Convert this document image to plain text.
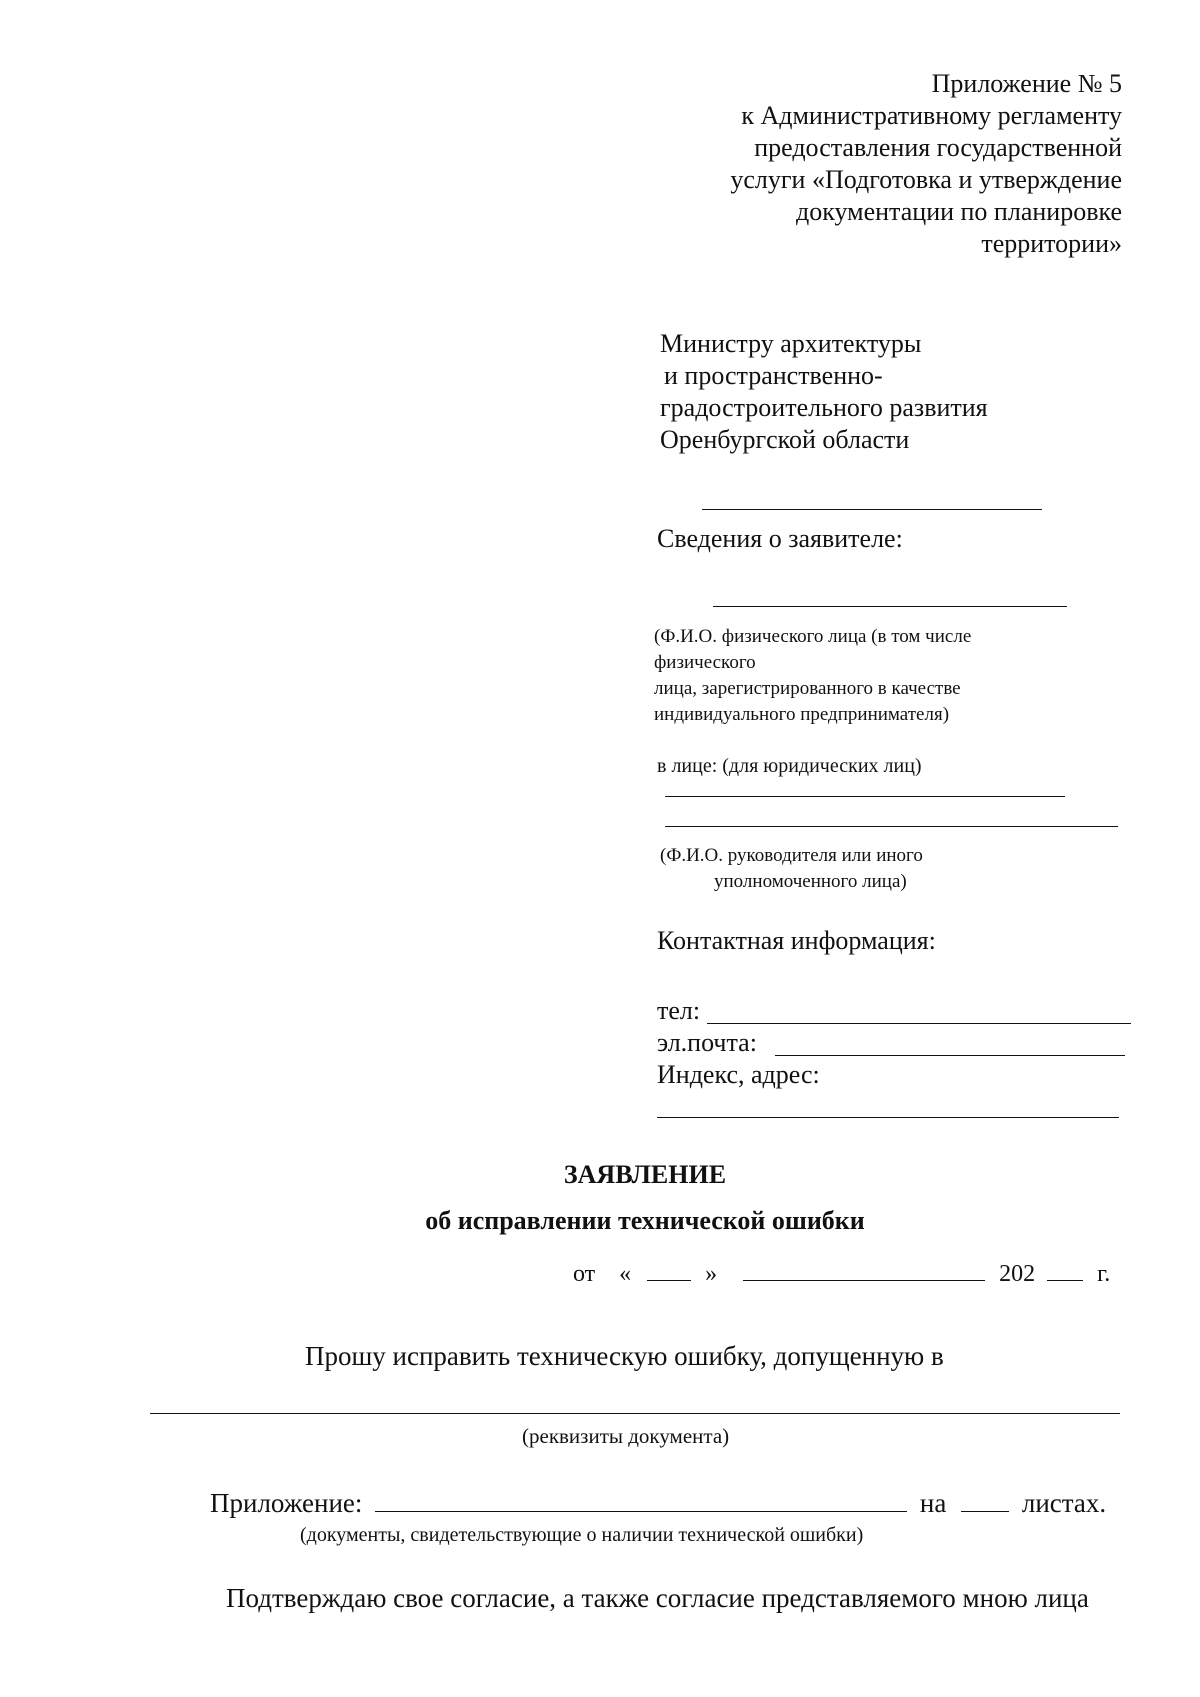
Приложение № 5
к Административному регламенту
предоставления государственной
услуги «Подготовка и утверждение
документации по планировке
территории»
Министру архитектуры
и пространственно-
градостроительного развития
Оренбургской области
Сведения о заявителе:
(Ф.И.О. физического лица (в том числе
физического
лица, зарегистрированного в качестве
индивидуального предпринимателя)
в лице: (для юридических лиц)
(Ф.И.О. руководителя или иного
уполномоченного лица)
Контактная информация:
тел:
эл.почта:
Индекс, адрес:
ЗАЯВЛЕНИЕ
об исправлении технической ошибки
от «	»	202	г.
Прошу исправить техническую ошибку, допущенную в
(реквизиты документа)
Приложение:	на	листах.
(документы, свидетельствующие о наличии технической ошибки)
Подтверждаю свое согласие, а также согласие представляемого мною лица
